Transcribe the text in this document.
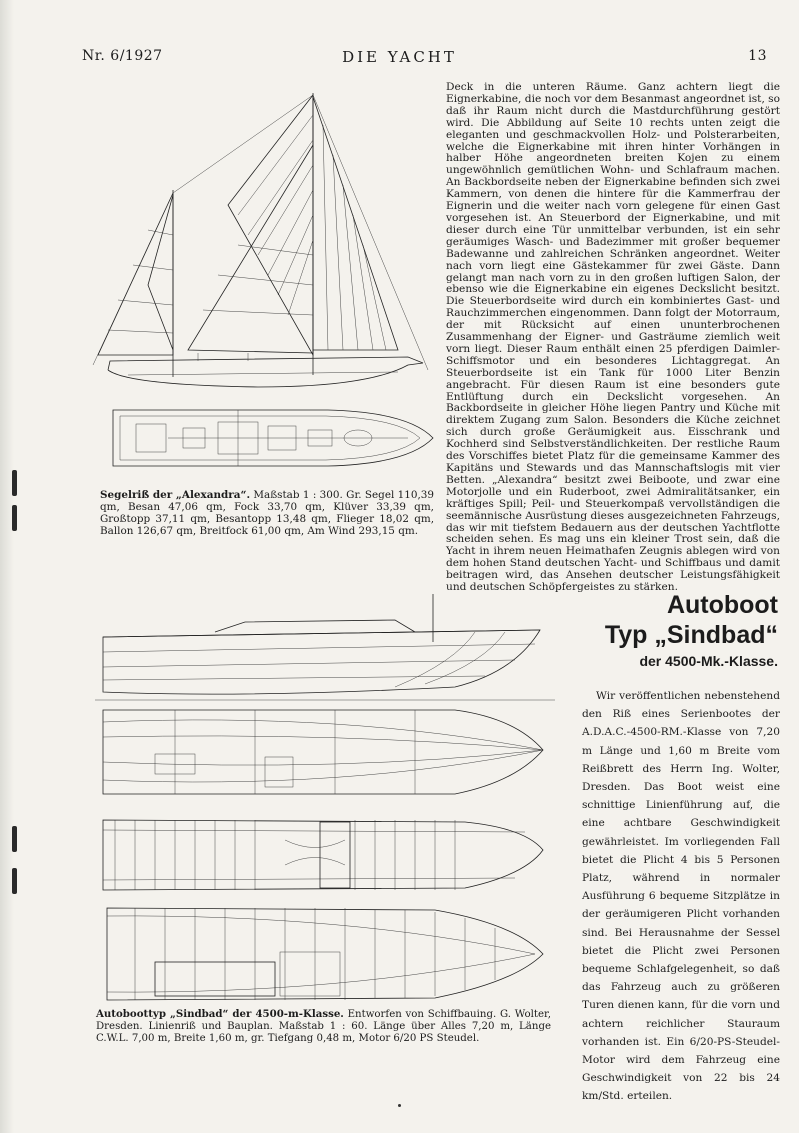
Nr. 6/1927	DIE YACHT	13
Deck in die unteren Räume. Ganz achtern liegt die Eignerkabine, die noch vor dem Besanmast angeordnet ist, so daß ihr Raum nicht durch die Mastdurchführung gestört wird. Die Abbildung auf Seite 10 rechts unten zeigt die eleganten und geschmackvollen Holz- und Polsterarbeiten, welche die Eignerkabine mit ihren hinter Vorhängen in halber Höhe angeordneten breiten Kojen zu einem ungewöhnlich gemütlichen Wohn- und Schlafraum machen. An Backbordseite neben der Eignerkabine befinden sich zwei Kammern, von denen die hintere für die Kammerfrau der Eignerin und die weiter nach vorn gelegene für einen Gast vorgesehen ist. An Steuerbord der Eignerkabine, und mit dieser durch eine Tür unmittelbar verbunden, ist ein sehr geräumiges Wasch- und Badezimmer mit großer bequemer Badewanne und zahlreichen Schränken angeordnet. Weiter nach vorn liegt eine Gästekammer für zwei Gäste. Dann gelangt man nach vorn zu in den großen luftigen Salon, der ebenso wie die Eignerkabine ein eigenes Deckslicht besitzt. Die Steuerbordseite wird durch ein kombiniertes Gast- und Rauchzimmerchen eingenommen. Dann folgt der Motorraum, der mit Rücksicht auf einen ununterbrochenen Zusammenhang der Eigner- und Gasträume ziemlich weit vorn liegt. Dieser Raum enthält einen 25 pferdigen Daimler-Schiffsmotor und ein besonderes Lichtaggregat. An Steuerbordseite ist ein Tank für 1000 Liter Benzin angebracht. Für diesen Raum ist eine besonders gute Entlüftung durch ein Deckslicht vorgesehen. An Backbordseite in gleicher Höhe liegen Pantry und Küche mit direktem Zugang zum Salon. Besonders die Küche zeichnet sich durch große Geräumigkeit aus. Eisschrank und Kochherd sind Selbstverständlichkeiten. Der restliche Raum des Vorschiffes bietet Platz für die gemeinsame Kammer des Kapitäns und Stewards und das Mannschaftslogis mit vier Betten. „Alexandra“ besitzt zwei Beiboote, und zwar eine Motorjolle und ein Ruderboot, zwei Admiralitätsanker, ein kräftiges Spill; Peil- und Steuerkompaß vervollständigen die seemännische Ausrüstung dieses ausgezeichneten Fahrzeugs, das wir mit tiefstem Bedauern aus der deutschen Yachtflotte scheiden sehen. Es mag uns ein kleiner Trost sein, daß die Yacht in ihrem neuen Heimathafen Zeugnis ablegen wird von dem hohen Stand deutschen Yacht- und Schiffbaus und damit beitragen wird, das Ansehen deutscher Leistungsfähigkeit und deutschen Schöpfergeistes zu stärken.
Segelriß der „Alexandra“. Maßstab 1 : 300. Gr. Segel 110,39 qm, Besan 47,06 qm, Fock 33,70 qm, Klüver 33,39 qm, Großtopp 37,11 qm, Besantopp 13,48 qm, Flieger 18,02 qm, Ballon 126,67 qm, Breitfock 61,00 qm, Am Wind 293,15 qm.
Autoboot
Typ „Sindbad“
der 4500-Mk.-Klasse.
Wir veröffentlichen nebenstehend den Riß eines Serienbootes der A.D.A.C.-4500-RM.-Klasse von 7,20 m Länge und 1,60 m Breite vom Reißbrett des Herrn Ing. Wolter, Dresden. Das Boot weist eine schnittige Linienführung auf, die eine achtbare Geschwindigkeit gewährleistet. Im vorliegenden Fall bietet die Plicht 4 bis 5 Personen Platz, während in normaler Ausführung 6 bequeme Sitzplätze in der geräumigeren Plicht vorhanden sind. Bei Herausnahme der Sessel bietet die Plicht zwei Personen bequeme Schlafgelegenheit, so daß das Fahrzeug auch zu größeren Turen dienen kann, für die vorn und achtern reichlicher Stauraum vorhanden ist. Ein 6/20-PS-Steudel-Motor wird dem Fahrzeug eine Geschwindigkeit von 22 bis 24 km/Std. erteilen.
Autoboottyp „Sindbad“ der 4500-m-Klasse. Entworfen von Schiffbauing. G. Wolter, Dresden. Linienriß und Bauplan. Maßstab 1 : 60. Länge über Alles 7,20 m, Länge C.W.L. 7,00 m, Breite 1,60 m, gr. Tiefgang 0,48 m, Motor 6/20 PS Steudel.
